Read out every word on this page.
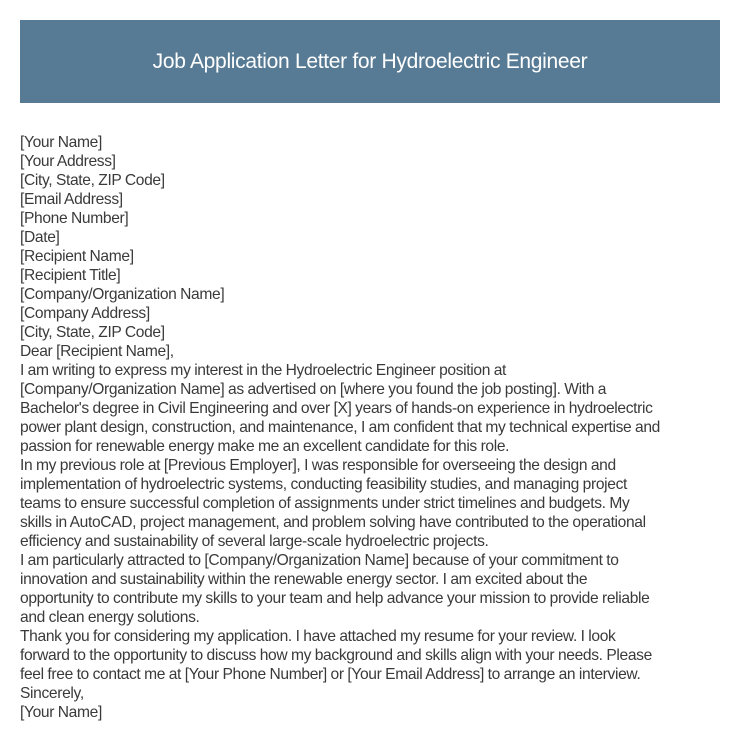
Job Application Letter for Hydroelectric Engineer
[Your Name]
[Your Address]
[City, State, ZIP Code]
[Email Address]
[Phone Number]
[Date]
[Recipient Name]
[Recipient Title]
[Company/Organization Name]
[Company Address]
[City, State, ZIP Code]
Dear [Recipient Name],
I am writing to express my interest in the Hydroelectric Engineer position at
[Company/Organization Name] as advertised on [where you found the job posting]. With a
Bachelor's degree in Civil Engineering and over [X] years of hands-on experience in hydroelectric
power plant design, construction, and maintenance, I am confident that my technical expertise and
passion for renewable energy make me an excellent candidate for this role.
In my previous role at [Previous Employer], I was responsible for overseeing the design and
implementation of hydroelectric systems, conducting feasibility studies, and managing project
teams to ensure successful completion of assignments under strict timelines and budgets. My
skills in AutoCAD, project management, and problem solving have contributed to the operational
efficiency and sustainability of several large-scale hydroelectric projects.
I am particularly attracted to [Company/Organization Name] because of your commitment to
innovation and sustainability within the renewable energy sector. I am excited about the
opportunity to contribute my skills to your team and help advance your mission to provide reliable
and clean energy solutions.
Thank you for considering my application. I have attached my resume for your review. I look
forward to the opportunity to discuss how my background and skills align with your needs. Please
feel free to contact me at [Your Phone Number] or [Your Email Address] to arrange an interview.
Sincerely,
[Your Name]
